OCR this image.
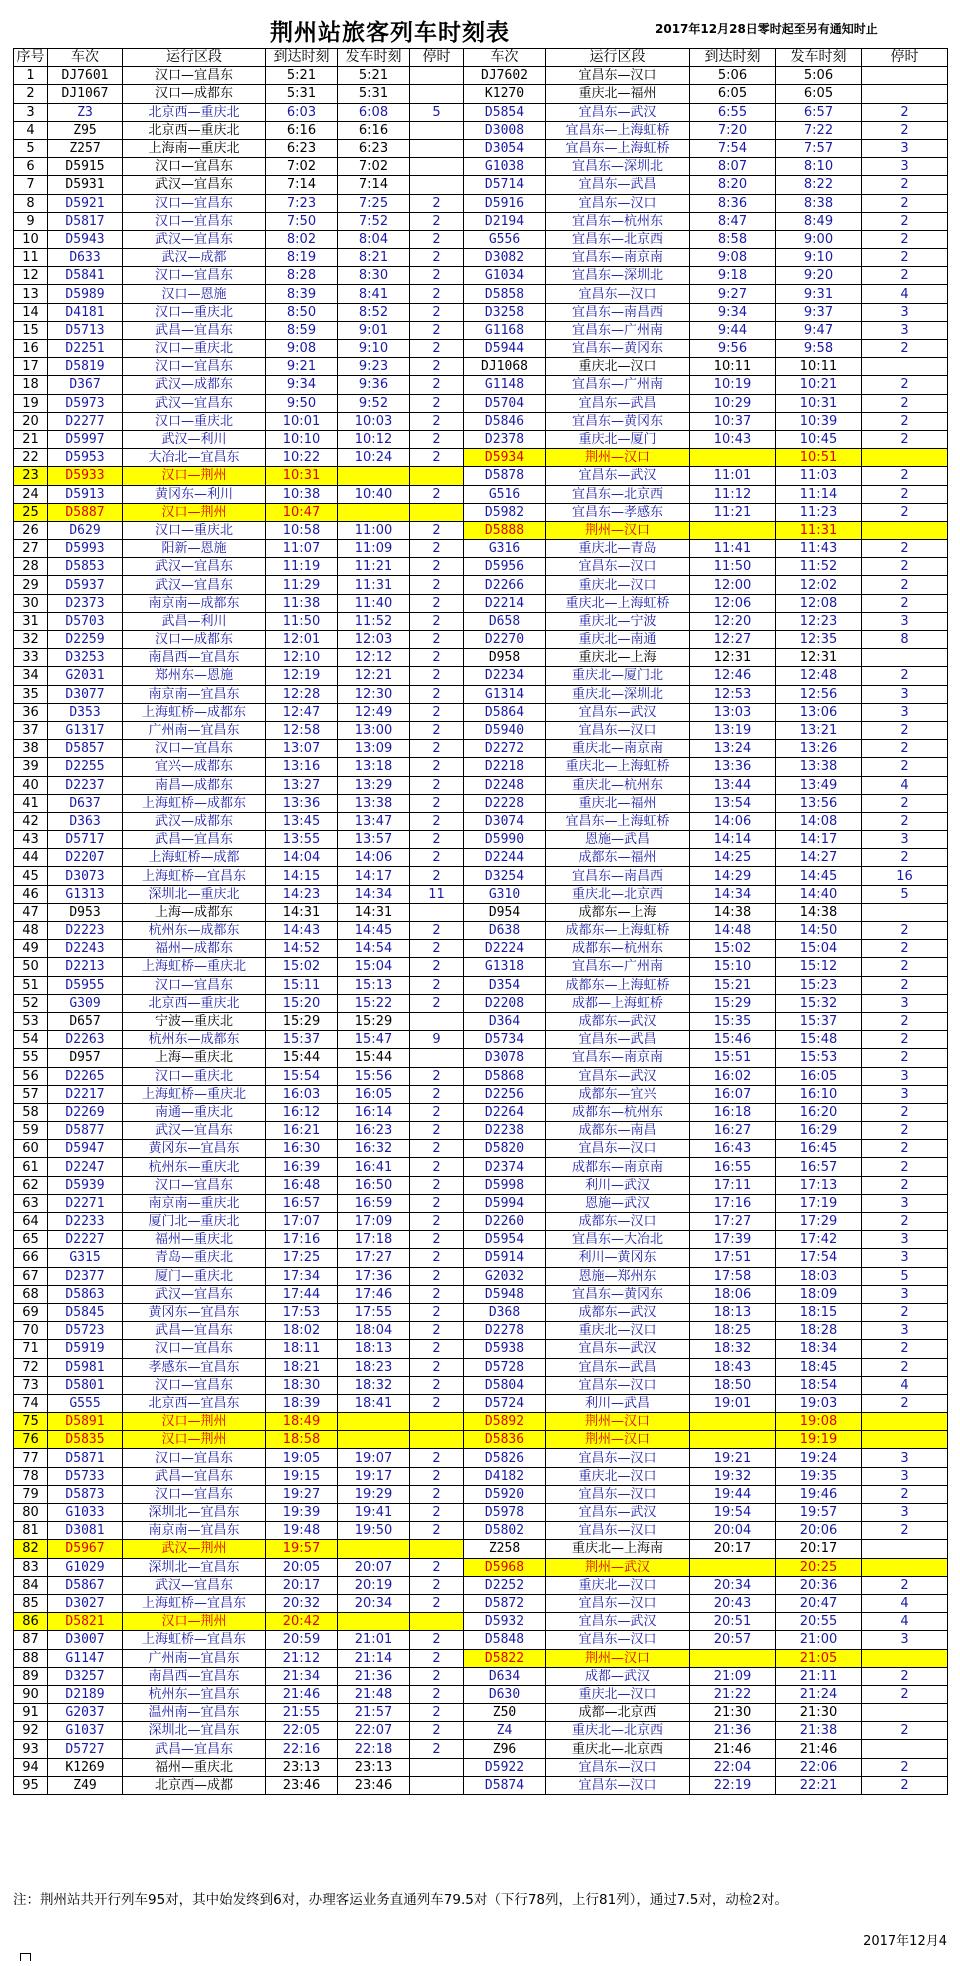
荆州站旅客列车时刻表	2017年12月28日零时起至另有通知时止
序号	车次	运行区段	到达时刻	发车时刻	停时	车次	运行区段	到达时刻	发车时刻	停时
1	DJ7601	汉口—宜昌东	5:21	5:21		DJ7602	宜昌东—汉口	5:06	5:06	
2	DJ1067	汉口—成都东	5:31	5:31		K1270	重庆北—福州	6:05	6:05	
3	Z3	北京西—重庆北	6:03	6:08	5	D5854	宜昌东—武汉	6:55	6:57	2
4	Z95	北京西—重庆北	6:16	6:16		D3008	宜昌东—上海虹桥	7:20	7:22	2
5	Z257	上海南—重庆北	6:23	6:23		D3054	宜昌东—上海虹桥	7:54	7:57	3
6	D5915	汉口—宜昌东	7:02	7:02		G1038	宜昌东—深圳北	8:07	8:10	3
7	D5931	武汉—宜昌东	7:14	7:14		D5714	宜昌东—武昌	8:20	8:22	2
8	D5921	汉口—宜昌东	7:23	7:25	2	D5916	宜昌东—汉口	8:36	8:38	2
9	D5817	汉口—宜昌东	7:50	7:52	2	D2194	宜昌东—杭州东	8:47	8:49	2
10	D5943	武汉—宜昌东	8:02	8:04	2	G556	宜昌东—北京西	8:58	9:00	2
11	D633	武汉—成都	8:19	8:21	2	D3082	宜昌东—南京南	9:08	9:10	2
12	D5841	汉口—宜昌东	8:28	8:30	2	G1034	宜昌东—深圳北	9:18	9:20	2
13	D5989	汉口—恩施	8:39	8:41	2	D5858	宜昌东—汉口	9:27	9:31	4
14	D4181	汉口—重庆北	8:50	8:52	2	D3258	宜昌东—南昌西	9:34	9:37	3
15	D5713	武昌—宜昌东	8:59	9:01	2	G1168	宜昌东—广州南	9:44	9:47	3
16	D2251	汉口—重庆北	9:08	9:10	2	D5944	宜昌东—黄冈东	9:56	9:58	2
17	D5819	汉口—宜昌东	9:21	9:23	2	DJ1068	重庆北—汉口	10:11	10:11	
18	D367	武汉—成都东	9:34	9:36	2	G1148	宜昌东—广州南	10:19	10:21	2
19	D5973	武汉—宜昌东	9:50	9:52	2	D5704	宜昌东—武昌	10:29	10:31	2
20	D2277	汉口—重庆北	10:01	10:03	2	D5846	宜昌东—黄冈东	10:37	10:39	2
21	D5997	武汉—利川	10:10	10:12	2	D2378	重庆北—厦门	10:43	10:45	2
22	D5953	大冶北—宜昌东	10:22	10:24	2	D5934	荆州—汉口		10:51	
23	D5933	汉口—荆州	10:31			D5878	宜昌东—武汉	11:01	11:03	2
24	D5913	黄冈东—利川	10:38	10:40	2	G516	宜昌东—北京西	11:12	11:14	2
25	D5887	汉口—荆州	10:47			D5982	宜昌东—孝感东	11:21	11:23	2
26	D629	汉口—重庆北	10:58	11:00	2	D5888	荆州—汉口		11:31	
27	D5993	阳新—恩施	11:07	11:09	2	G316	重庆北—青岛	11:41	11:43	2
28	D5853	武汉—宜昌东	11:19	11:21	2	D5956	宜昌东—汉口	11:50	11:52	2
29	D5937	武汉—宜昌东	11:29	11:31	2	D2266	重庆北—汉口	12:00	12:02	2
30	D2373	南京南—成都东	11:38	11:40	2	D2214	重庆北—上海虹桥	12:06	12:08	2
31	D5703	武昌—利川	11:50	11:52	2	D658	重庆北—宁波	12:20	12:23	3
32	D2259	汉口—成都东	12:01	12:03	2	D2270	重庆北—南通	12:27	12:35	8
33	D3253	南昌西—宜昌东	12:10	12:12	2	D958	重庆北—上海	12:31	12:31	
34	G2031	郑州东—恩施	12:19	12:21	2	D2234	重庆北—厦门北	12:46	12:48	2
35	D3077	南京南—宜昌东	12:28	12:30	2	G1314	重庆北—深圳北	12:53	12:56	3
36	D353	上海虹桥—成都东	12:47	12:49	2	D5864	宜昌东—武汉	13:03	13:06	3
37	G1317	广州南—宜昌东	12:58	13:00	2	D5940	宜昌东—汉口	13:19	13:21	2
38	D5857	汉口—宜昌东	13:07	13:09	2	D2272	重庆北—南京南	13:24	13:26	2
39	D2255	宜兴—成都东	13:16	13:18	2	D2218	重庆北—上海虹桥	13:36	13:38	2
40	D2237	南昌—成都东	13:27	13:29	2	D2248	重庆北—杭州东	13:44	13:49	4
41	D637	上海虹桥—成都东	13:36	13:38	2	D2228	重庆北—福州	13:54	13:56	2
42	D363	武汉—成都东	13:45	13:47	2	D3074	宜昌东—上海虹桥	14:06	14:08	2
43	D5717	武昌—宜昌东	13:55	13:57	2	D5990	恩施—武昌	14:14	14:17	3
44	D2207	上海虹桥—成都	14:04	14:06	2	D2244	成都东—福州	14:25	14:27	2
45	D3073	上海虹桥—宜昌东	14:15	14:17	2	D3254	宜昌东—南昌西	14:29	14:45	16
46	G1313	深圳北—重庆北	14:23	14:34	11	G310	重庆北—北京西	14:34	14:40	5
47	D953	上海—成都东	14:31	14:31		D954	成都东—上海	14:38	14:38	
48	D2223	杭州东—成都东	14:43	14:45	2	D638	成都东—上海虹桥	14:48	14:50	2
49	D2243	福州—成都东	14:52	14:54	2	D2224	成都东—杭州东	15:02	15:04	2
50	D2213	上海虹桥—重庆北	15:02	15:04	2	G1318	宜昌东—广州南	15:10	15:12	2
51	D5955	汉口—宜昌东	15:11	15:13	2	D354	成都东—上海虹桥	15:21	15:23	2
52	G309	北京西—重庆北	15:20	15:22	2	D2208	成都—上海虹桥	15:29	15:32	3
53	D657	宁波—重庆北	15:29	15:29		D364	成都东—武汉	15:35	15:37	2
54	D2263	杭州东—成都东	15:37	15:47	9	D5734	宜昌东—武昌	15:46	15:48	2
55	D957	上海—重庆北	15:44	15:44		D3078	宜昌东—南京南	15:51	15:53	2
56	D2265	汉口—重庆北	15:54	15:56	2	D5868	宜昌东—武汉	16:02	16:05	3
57	D2217	上海虹桥—重庆北	16:03	16:05	2	D2256	成都东—宜兴	16:07	16:10	3
58	D2269	南通—重庆北	16:12	16:14	2	D2264	成都东—杭州东	16:18	16:20	2
59	D5877	武汉—宜昌东	16:21	16:23	2	D2238	成都东—南昌	16:27	16:29	2
60	D5947	黄冈东—宜昌东	16:30	16:32	2	D5820	宜昌东—汉口	16:43	16:45	2
61	D2247	杭州东—重庆北	16:39	16:41	2	D2374	成都东—南京南	16:55	16:57	2
62	D5939	汉口—宜昌东	16:48	16:50	2	D5998	利川—武汉	17:11	17:13	2
63	D2271	南京南—重庆北	16:57	16:59	2	D5994	恩施—武汉	17:16	17:19	3
64	D2233	厦门北—重庆北	17:07	17:09	2	D2260	成都东—汉口	17:27	17:29	2
65	D2227	福州—重庆北	17:16	17:18	2	D5954	宜昌东—大冶北	17:39	17:42	3
66	G315	青岛—重庆北	17:25	17:27	2	D5914	利川—黄冈东	17:51	17:54	3
67	D2377	厦门—重庆北	17:34	17:36	2	G2032	恩施—郑州东	17:58	18:03	5
68	D5863	武汉—宜昌东	17:44	17:46	2	D5948	宜昌东—黄冈东	18:06	18:09	3
69	D5845	黄冈东—宜昌东	17:53	17:55	2	D368	成都东—武汉	18:13	18:15	2
70	D5723	武昌—宜昌东	18:02	18:04	2	D2278	重庆北—汉口	18:25	18:28	3
71	D5919	汉口—宜昌东	18:11	18:13	2	D5938	宜昌东—武汉	18:32	18:34	2
72	D5981	孝感东—宜昌东	18:21	18:23	2	D5728	宜昌东—武昌	18:43	18:45	2
73	D5801	汉口—宜昌东	18:30	18:32	2	D5804	宜昌东—汉口	18:50	18:54	4
74	G555	北京西—宜昌东	18:39	18:41	2	D5724	利川—武昌	19:01	19:03	2
75	D5891	汉口—荆州	18:49			D5892	荆州—汉口		19:08	
76	D5835	汉口—荆州	18:58			D5836	荆州—汉口		19:19	
77	D5871	汉口—宜昌东	19:05	19:07	2	D5826	宜昌东—汉口	19:21	19:24	3
78	D5733	武昌—宜昌东	19:15	19:17	2	D4182	重庆北—汉口	19:32	19:35	3
79	D5873	汉口—宜昌东	19:27	19:29	2	D5920	宜昌东—汉口	19:44	19:46	2
80	G1033	深圳北—宜昌东	19:39	19:41	2	D5978	宜昌东—武汉	19:54	19:57	3
81	D3081	南京南—宜昌东	19:48	19:50	2	D5802	宜昌东—汉口	20:04	20:06	2
82	D5967	武汉—荆州	19:57			Z258	重庆北—上海南	20:17	20:17	
83	G1029	深圳北—宜昌东	20:05	20:07	2	D5968	荆州—武汉		20:25	
84	D5867	武汉—宜昌东	20:17	20:19	2	D2252	重庆北—汉口	20:34	20:36	2
85	D3027	上海虹桥—宜昌东	20:32	20:34	2	D5872	宜昌东—汉口	20:43	20:47	4
86	D5821	汉口—荆州	20:42			D5932	宜昌东—武汉	20:51	20:55	4
87	D3007	上海虹桥—宜昌东	20:59	21:01	2	D5848	宜昌东—汉口	20:57	21:00	3
88	G1147	广州南—宜昌东	21:12	21:14	2	D5822	荆州—汉口		21:05	
89	D3257	南昌西—宜昌东	21:34	21:36	2	D634	成都—武汉	21:09	21:11	2
90	D2189	杭州东—宜昌东	21:46	21:48	2	D630	重庆北—汉口	21:22	21:24	2
91	G2037	温州南—宜昌东	21:55	21:57	2	Z50	成都—北京西	21:30	21:30	
92	G1037	深圳北—宜昌东	22:05	22:07	2	Z4	重庆北—北京西	21:36	21:38	2
93	D5727	武昌—宜昌东	22:16	22:18	2	Z96	重庆北—北京西	21:46	21:46	
94	K1269	福州—重庆北	23:13	23:13		D5922	宜昌东—汉口	22:04	22:06	2
95	Z49	北京西—成都	23:46	23:46		D5874	宜昌东—汉口	22:19	22:21	2
注：荆州站共开行列车95对，其中始发终到6对，办理客运业务直通列车79.5对（下行78列，上行81列），通过7.5对，动检2对。
2017年12月4
